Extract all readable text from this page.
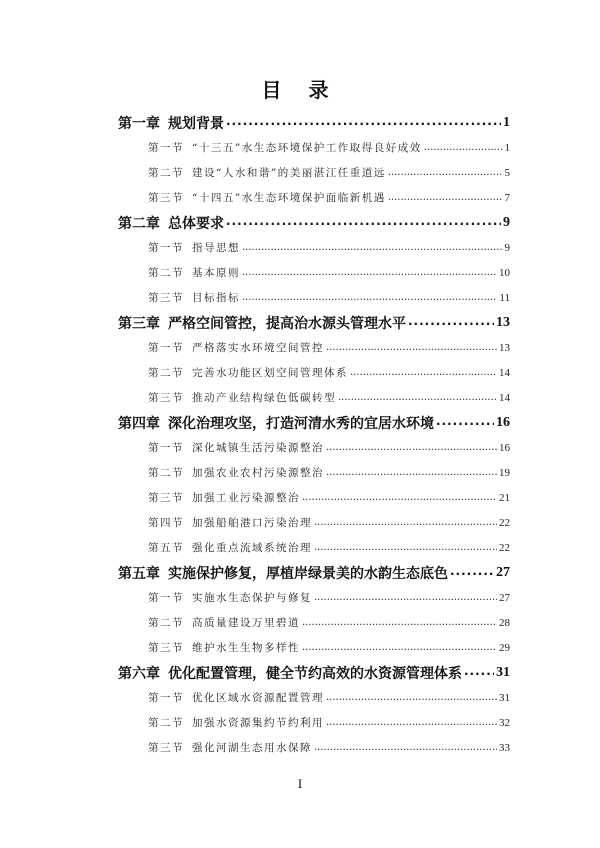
目 录
第一章 规划背景 .....	1
第一节 “十三五”水生态环境保护工作取得良好成效 .....	1
第二节 建设“人水和谐”的美丽湛江任重道远 .....	5
第三节 “十四五”水生态环境保护面临新机遇 .....	7
第二章 总体要求 .....	9
第一节 指导思想 .....	9
第二节 基本原则 .....	10
第三节 目标指标 .....	11
第三章 严格空间管控，提高治水源头管理水平 .....	13
第一节 严格落实水环境空间管控 .....	13
第二节 完善水功能区划空间管理体系 .....	14
第三节 推动产业结构绿色低碳转型 .....	14
第四章 深化治理攻坚，打造河清水秀的宜居水环境 .....	16
第一节 深化城镇生活污染源整治 .....	16
第二节 加强农业农村污染源整治 .....	19
第三节 加强工业污染源整治 .....	21
第四节 加强船舶港口污染治理 .....	22
第五节 强化重点流域系统治理 .....	22
第五章 实施保护修复，厚植岸绿景美的水韵生态底色 .....	27
第一节 实施水生态保护与修复 .....	27
第二节 高质量建设万里碧道 .....	28
第三节 维护水生生物多样性 .....	29
第六章 优化配置管理，健全节约高效的水资源管理体系 ..... 31
第一节 优化区域水资源配置管理 .....	31
第二节 加强水资源集约节约利用 .....	32
第三节 强化河湖生态用水保障 .....	33
I
